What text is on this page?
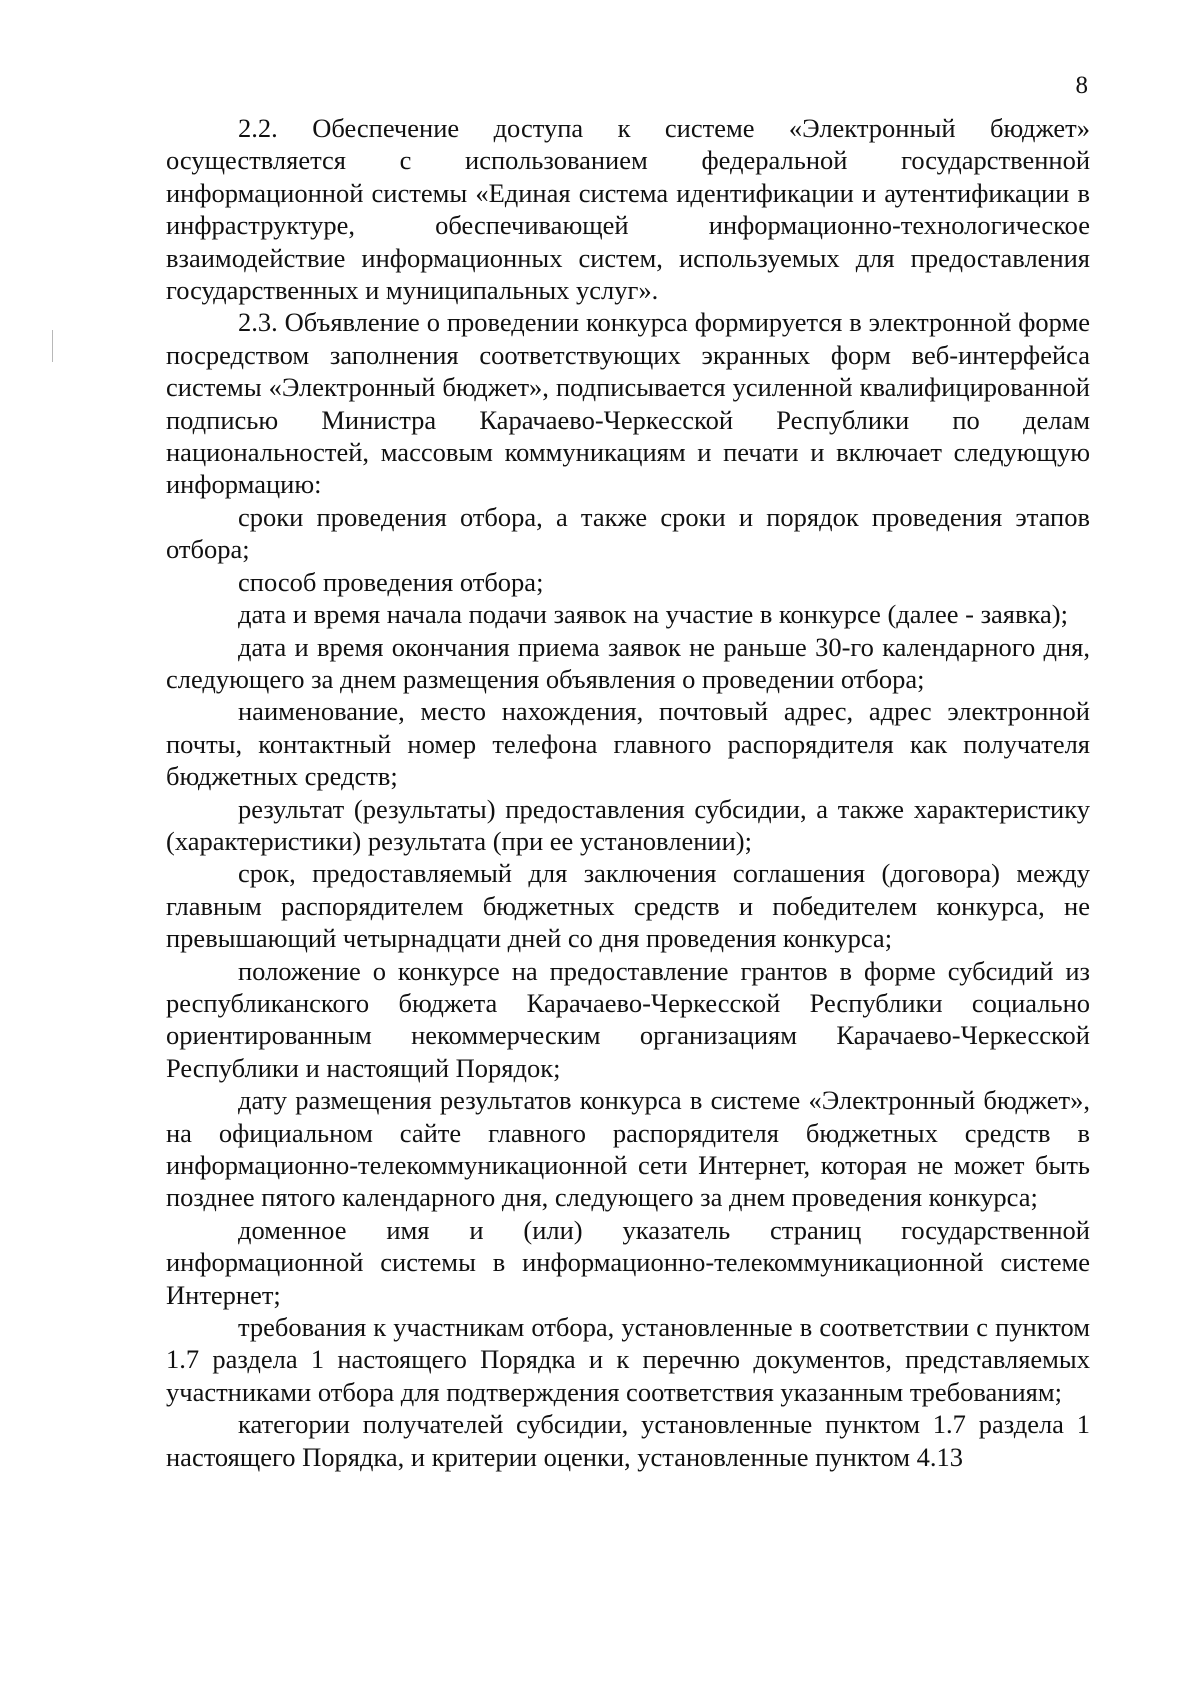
8

2.2. Обеспечение доступа к системе «Электронный бюджет» осуществляется с использованием федеральной государственной информационной системы «Единая система идентификации и аутентификации в инфраструктуре, обеспечивающей информационно-технологическое взаимодействие информационных систем, используемых для предоставления государственных и муниципальных услуг».

2.3. Объявление о проведении конкурса формируется в электронной форме посредством заполнения соответствующих экранных форм веб-интерфейса системы «Электронный бюджет», подписывается усиленной квалифицированной подписью Министра Карачаево-Черкесской Республики по делам национальностей, массовым коммуникациям и печати и включает следующую информацию:

сроки проведения отбора, а также сроки и порядок проведения этапов отбора;

способ проведения отбора;

дата и время начала подачи заявок на участие в конкурсе (далее - заявка);

дата и время окончания приема заявок не раньше 30-го календарного дня, следующего за днем размещения объявления о проведении отбора;

наименование, место нахождения, почтовый адрес, адрес электронной почты, контактный номер телефона главного распорядителя как получателя бюджетных средств;

результат (результаты) предоставления субсидии, а также характеристику (характеристики) результата (при ее установлении);

срок, предоставляемый для заключения соглашения (договора) между главным распорядителем бюджетных средств и победителем конкурса, не превышающий четырнадцати дней со дня проведения конкурса;

положение о конкурсе на предоставление грантов в форме субсидий из республиканского бюджета Карачаево-Черкесской Республики социально ориентированным некоммерческим организациям Карачаево-Черкесской Республики и настоящий Порядок;

дату размещения результатов конкурса в системе «Электронный бюджет», на официальном сайте главного распорядителя бюджетных средств в информационно-телекоммуникационной сети Интернет, которая не может быть позднее пятого календарного дня, следующего за днем проведения конкурса;

доменное имя и (или) указатель страниц государственной информационной системы в информационно-телекоммуникационной системе Интернет;

требования к участникам отбора, установленные в соответствии с пунктом 1.7 раздела 1 настоящего Порядка и к перечню документов, представляемых участниками отбора для подтверждения соответствия указанным требованиям;

категории получателей субсидии, установленные пунктом 1.7 раздела 1 настоящего Порядка, и критерии оценки, установленные пунктом 4.13
